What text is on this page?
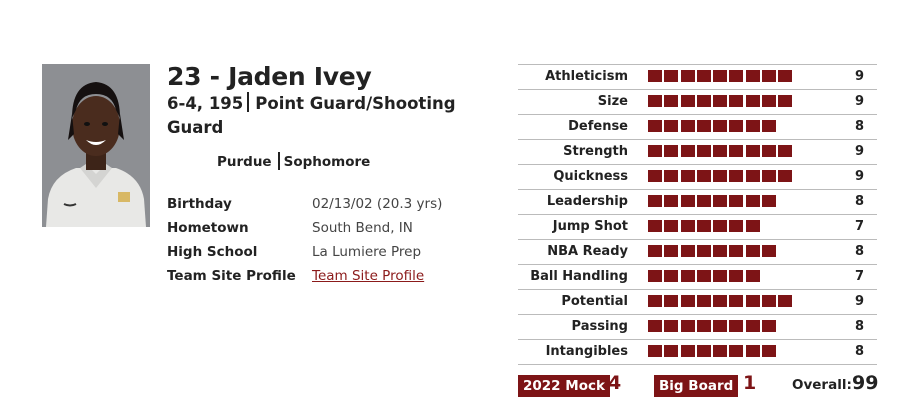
23 - Jaden Ivey
6-4, 195 Point Guard/Shooting Guard
Purdue Sophomore
Birthday	02/13/02 (20.3 yrs)
Hometown	South Bend, IN
High School	La Lumiere Prep
Team Site Profile	Team Site Profile
Athleticism	9
Size	9
Defense	8
Strength	9
Quickness	9
Leadership	8
Jump Shot	7
NBA Ready	8
Ball Handling	7
Potential	9
Passing	8
Intangibles	8
2022 Mock 4	Big Board 1	Overall: 99
